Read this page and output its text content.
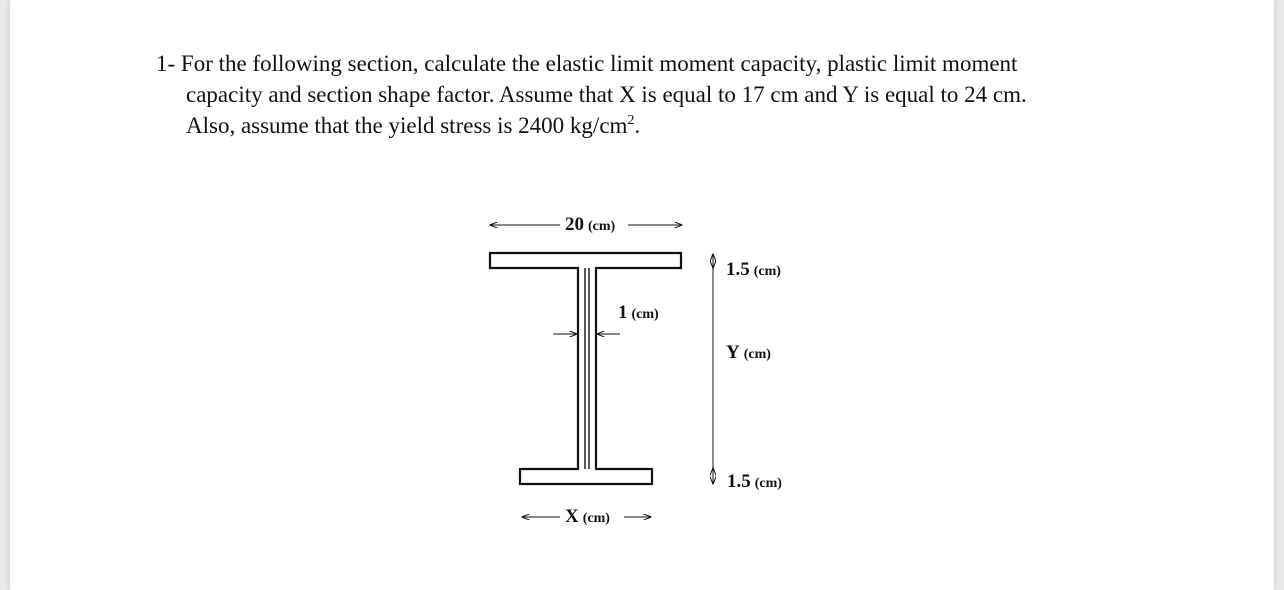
1- For the following section, calculate the elastic limit moment capacity, plastic limit moment
capacity and section shape factor. Assume that X is equal to 17 cm and Y is equal to 24 cm.
Also, assume that the yield stress is 2400 $kg/cm^2$.
20 (cm)
1 (cm)
1.5 (cm)
Y (cm)
1.5 (cm)
X (cm)
